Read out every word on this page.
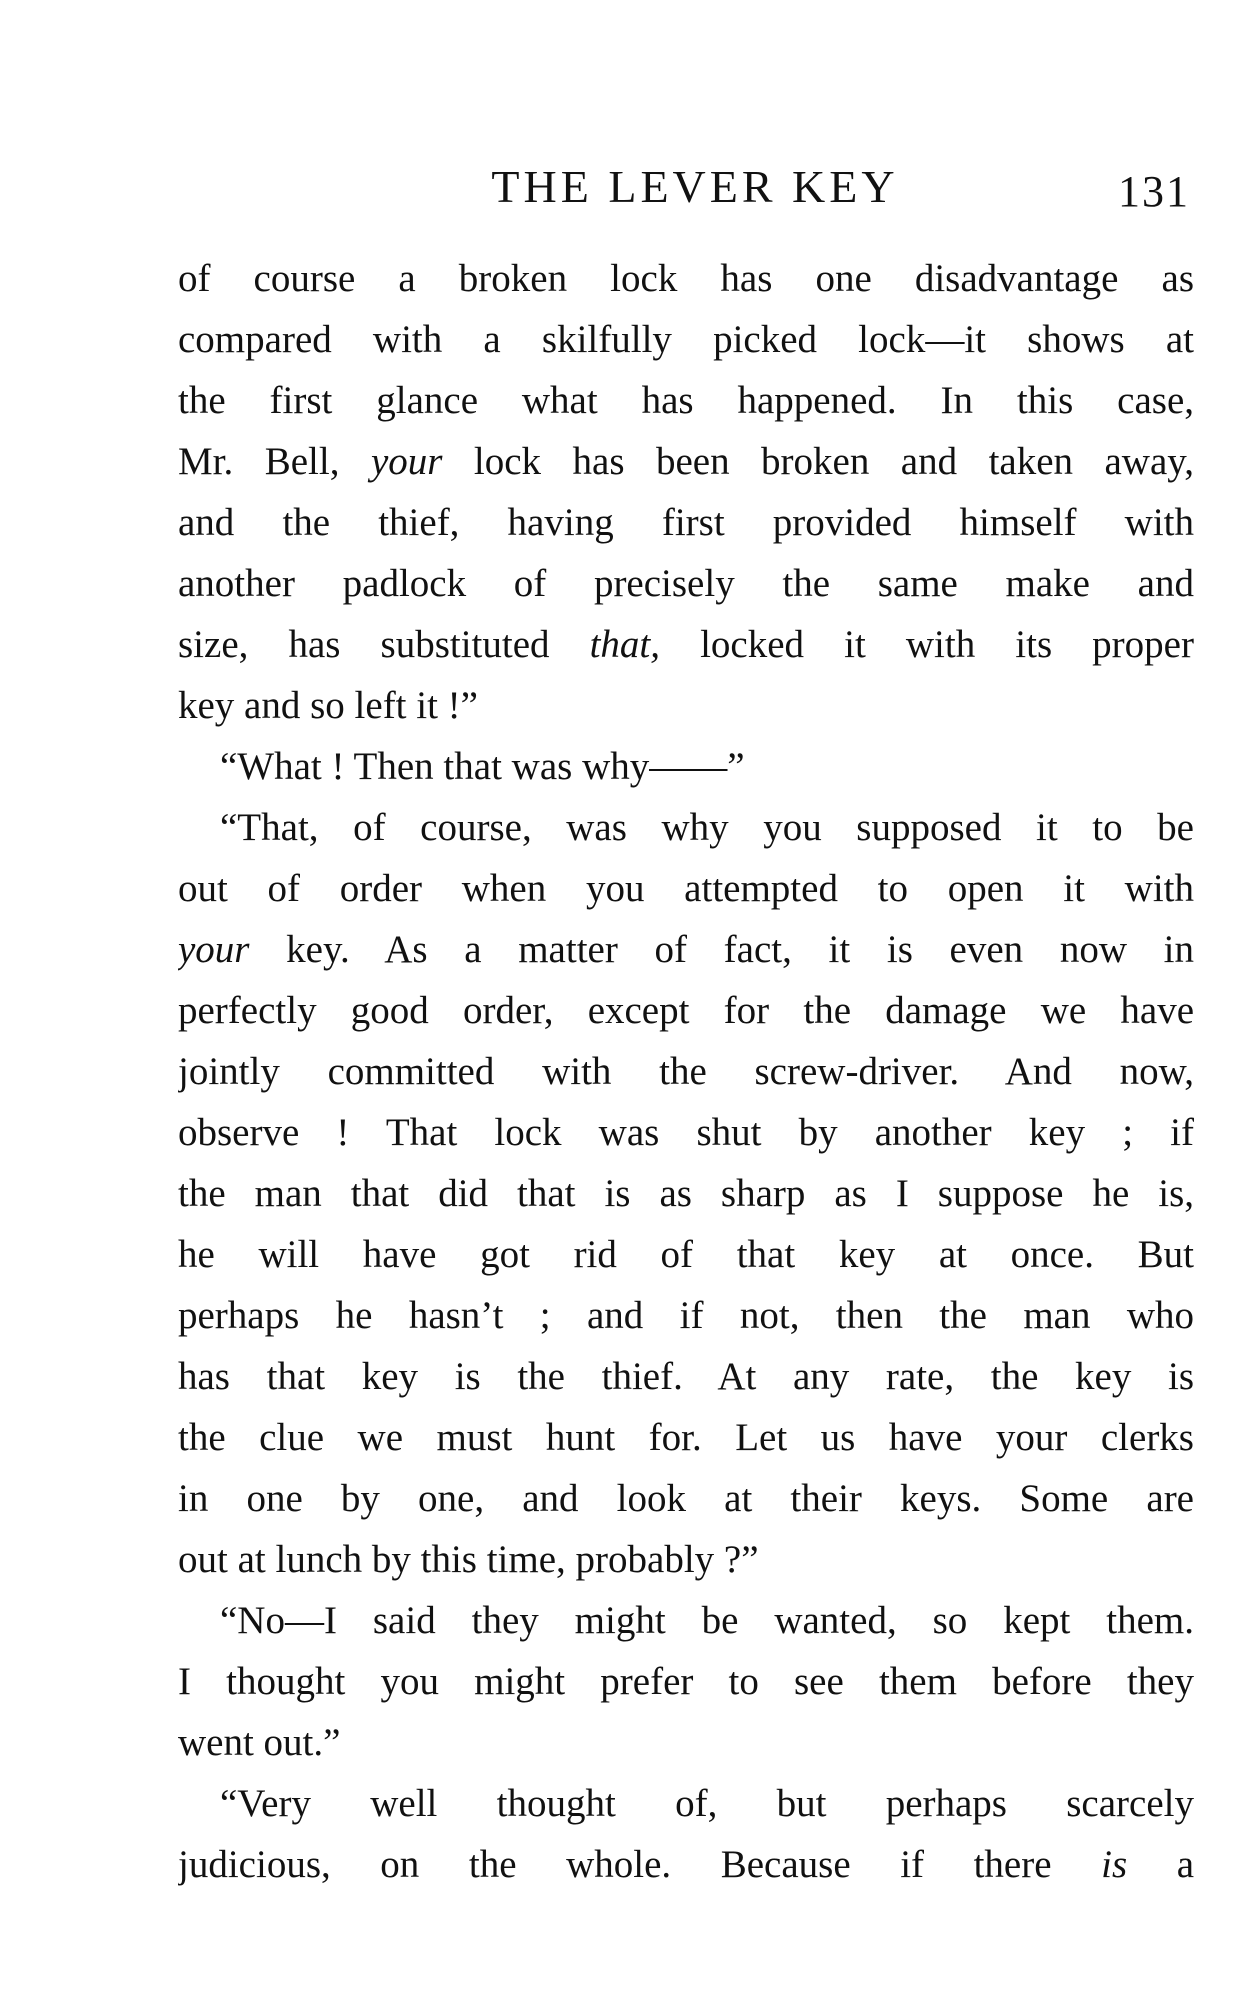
THE LEVER KEY	131
of course a broken lock has one disadvantage as
compared with a skilfully picked lock—it shows at
the first glance what has happened. In this case,
Mr. Bell, your lock has been broken and taken away,
and the thief, having first provided himself with
another padlock of precisely the same make and
size, has substituted that, locked it with its proper
key and so left it !”
“What ! Then that was why——”
“That, of course, was why you supposed it to be
out of order when you attempted to open it with
your key. As a matter of fact, it is even now in
perfectly good order, except for the damage we have
jointly committed with the screw-driver. And now,
observe ! That lock was shut by another key ; if
the man that did that is as sharp as I suppose he is,
he will have got rid of that key at once. But
perhaps he hasn’t ; and if not, then the man who
has that key is the thief. At any rate, the key is
the clue we must hunt for. Let us have your clerks
in one by one, and look at their keys. Some are
out at lunch by this time, probably ?”
“No—I said they might be wanted, so kept them.
I thought you might prefer to see them before they
went out.”
“Very well thought of, but perhaps scarcely
judicious, on the whole. Because if there is a
